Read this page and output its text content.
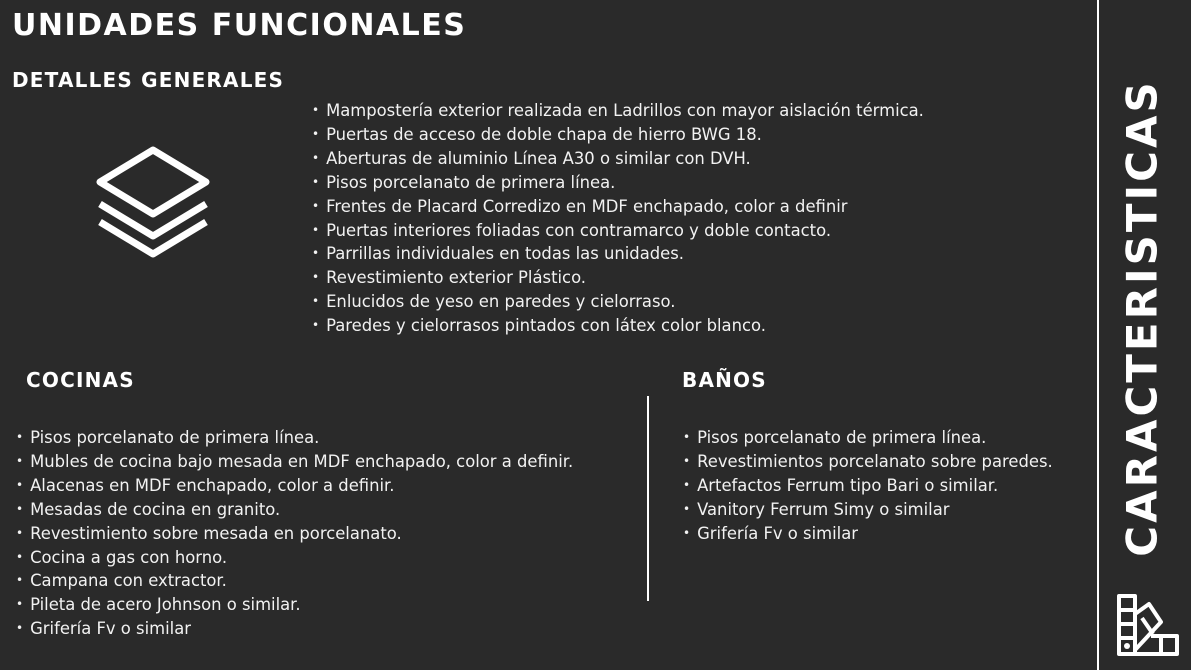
UNIDADES FUNCIONALES
DETALLES GENERALES
• Mampostería exterior realizada en Ladrillos con mayor aislación térmica.
• Puertas de acceso de doble chapa de hierro BWG 18.
• Aberturas de aluminio Línea A30 o similar con DVH.
• Pisos porcelanato de primera línea.
• Frentes de Placard Corredizo en MDF enchapado, color a definir
• Puertas interiores foliadas con contramarco y doble contacto.
• Parrillas individuales en todas las unidades.
• Revestimiento exterior Plástico.
• Enlucidos de yeso en paredes y cielorraso.
• Paredes y cielorrasos pintados con látex color blanco.
COCINAS
• Pisos porcelanato de primera línea.
• Mubles de cocina bajo mesada en MDF enchapado, color a definir.
• Alacenas en MDF enchapado, color a definir.
• Mesadas de cocina en granito.
• Revestimiento sobre mesada en porcelanato.
• Cocina a gas con horno.
• Campana con extractor.
• Pileta de acero Johnson o similar.
• Grifería Fv o similar
BAÑOS
• Pisos porcelanato de primera línea.
• Revestimientos porcelanato sobre paredes.
• Artefactos Ferrum tipo Bari o similar.
• Vanitory Ferrum Simy o similar
• Grifería Fv o similar	CARACTERISTICAS
